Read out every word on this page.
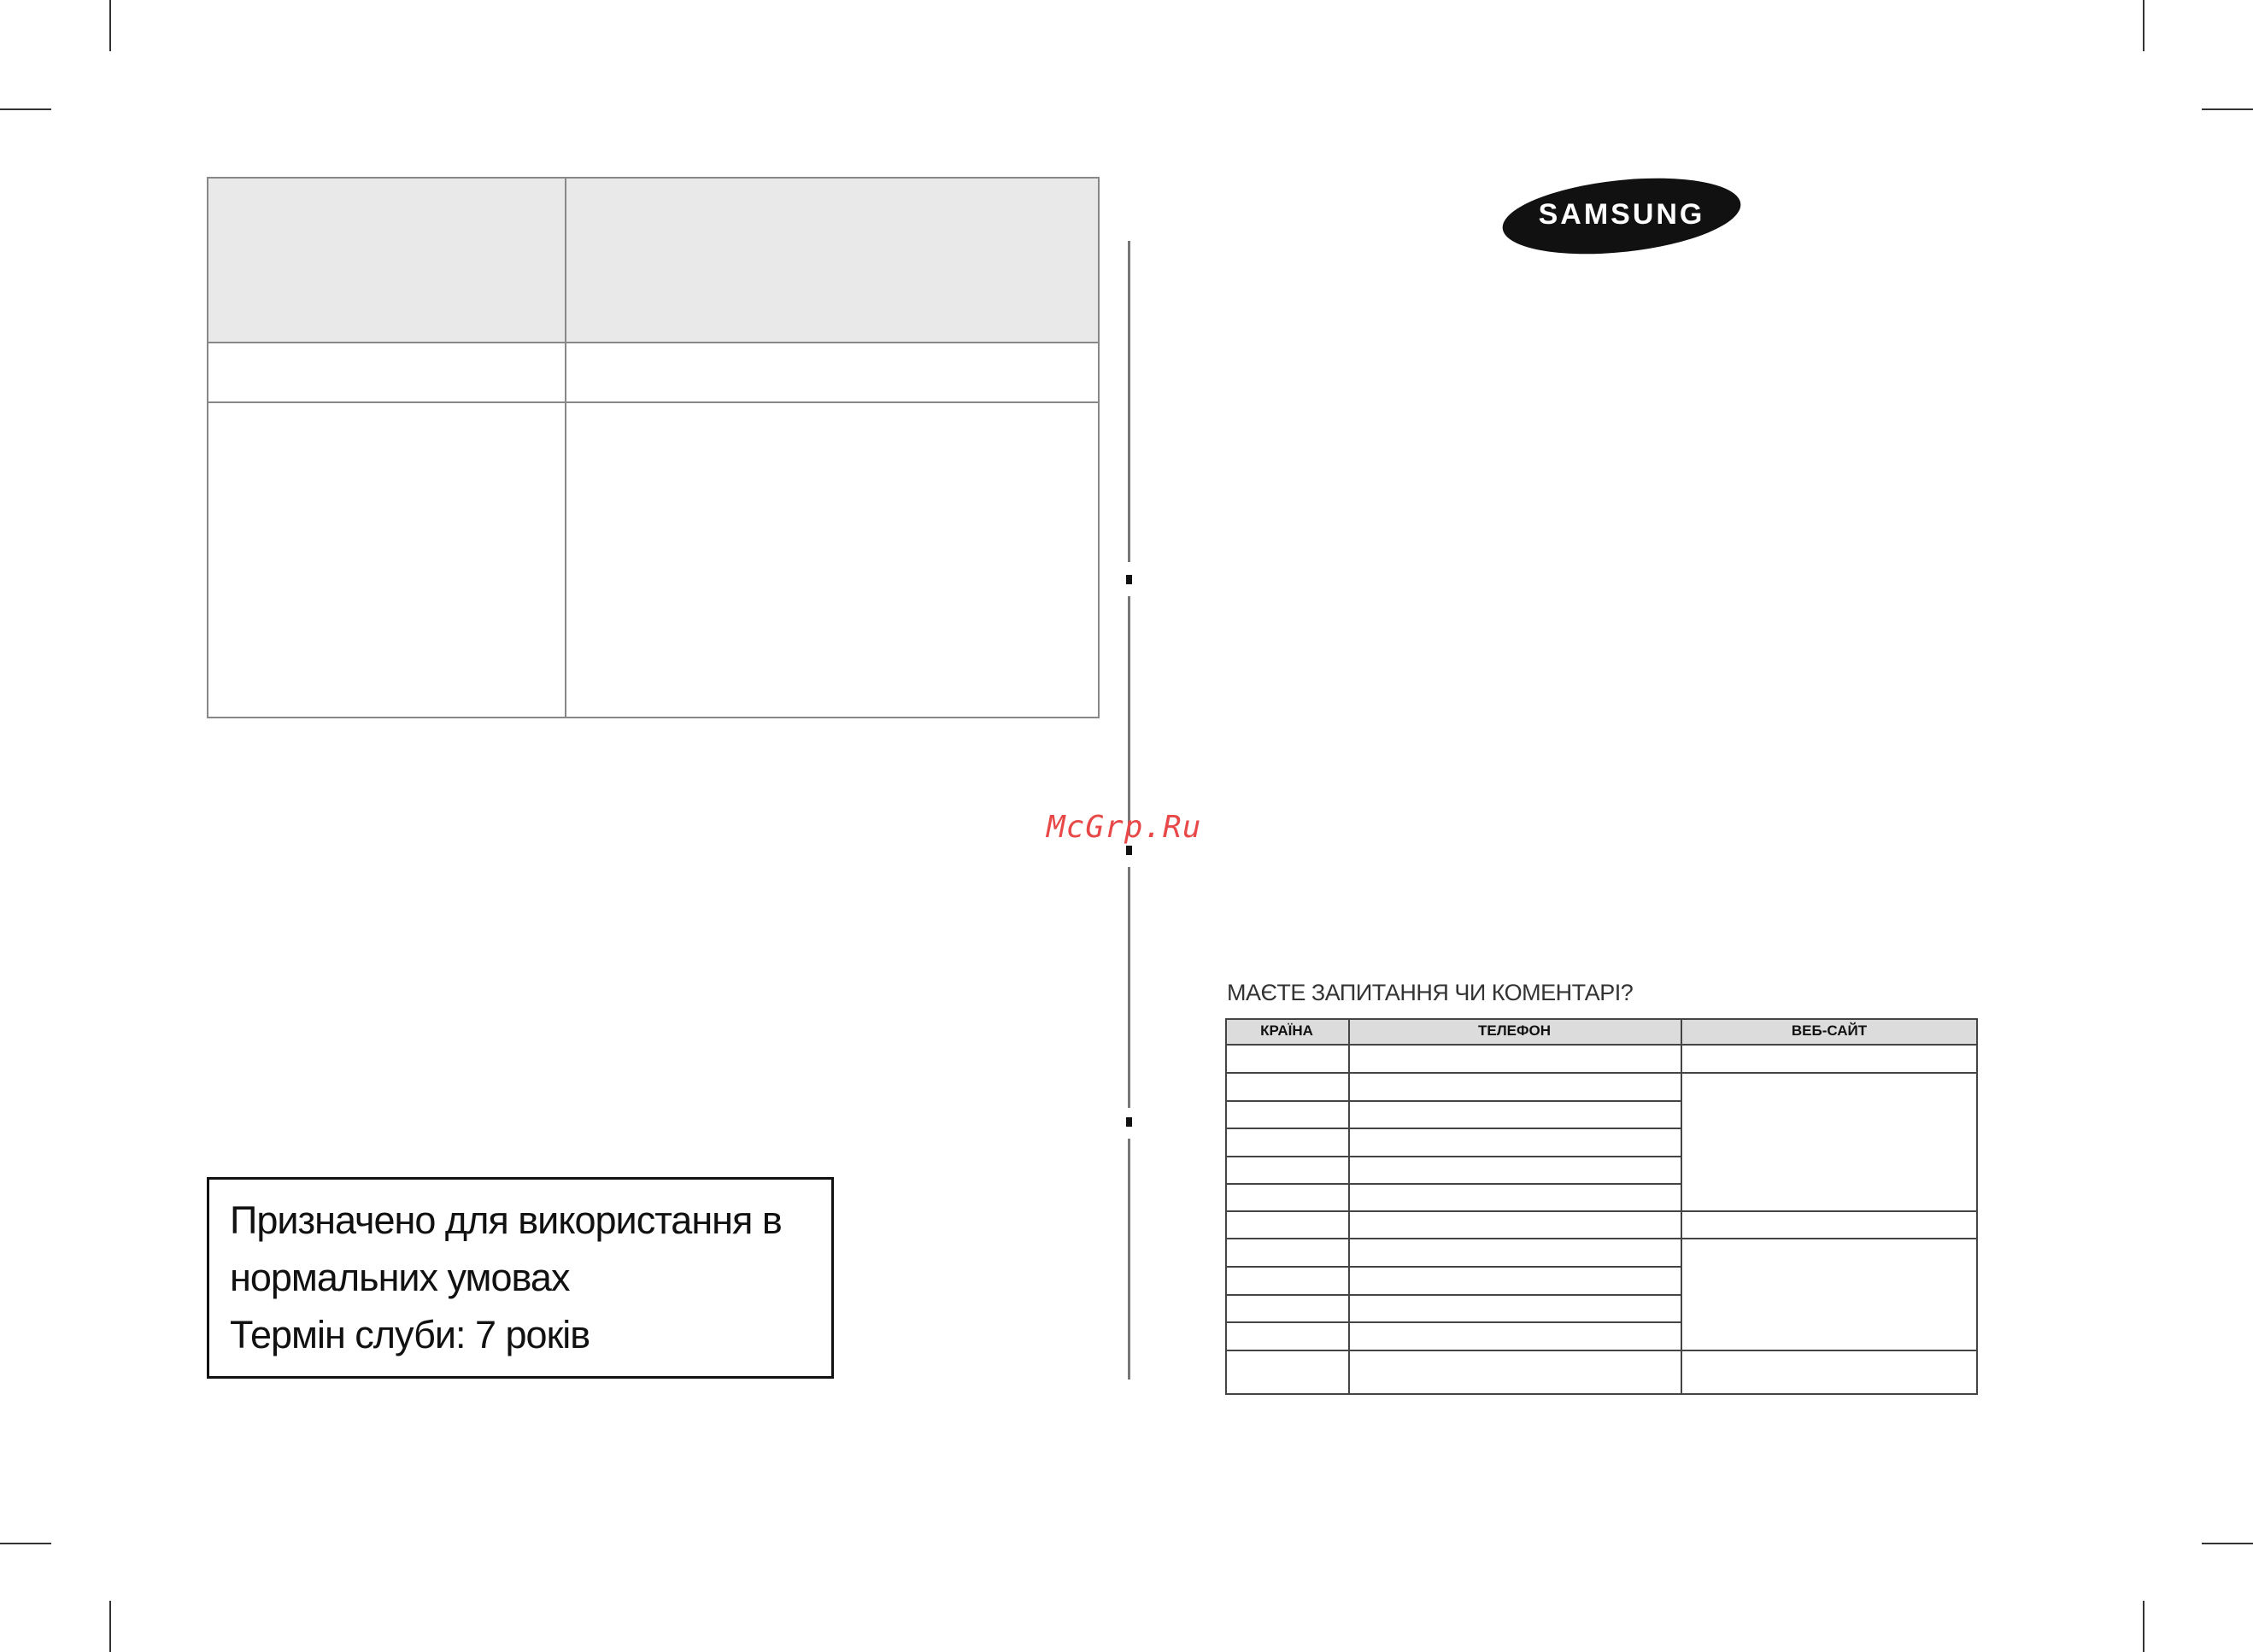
Призначено для використання в
нормальних умовах
Термін слуби: 7 років
McGrp.Ru
SAMSUNG
МАЄТЕ ЗАПИТАННЯ ЧИ КОМЕНТАРІ?
КРАЇНА	ТЕЛЕФОН	ВЕБ-САЙТ
